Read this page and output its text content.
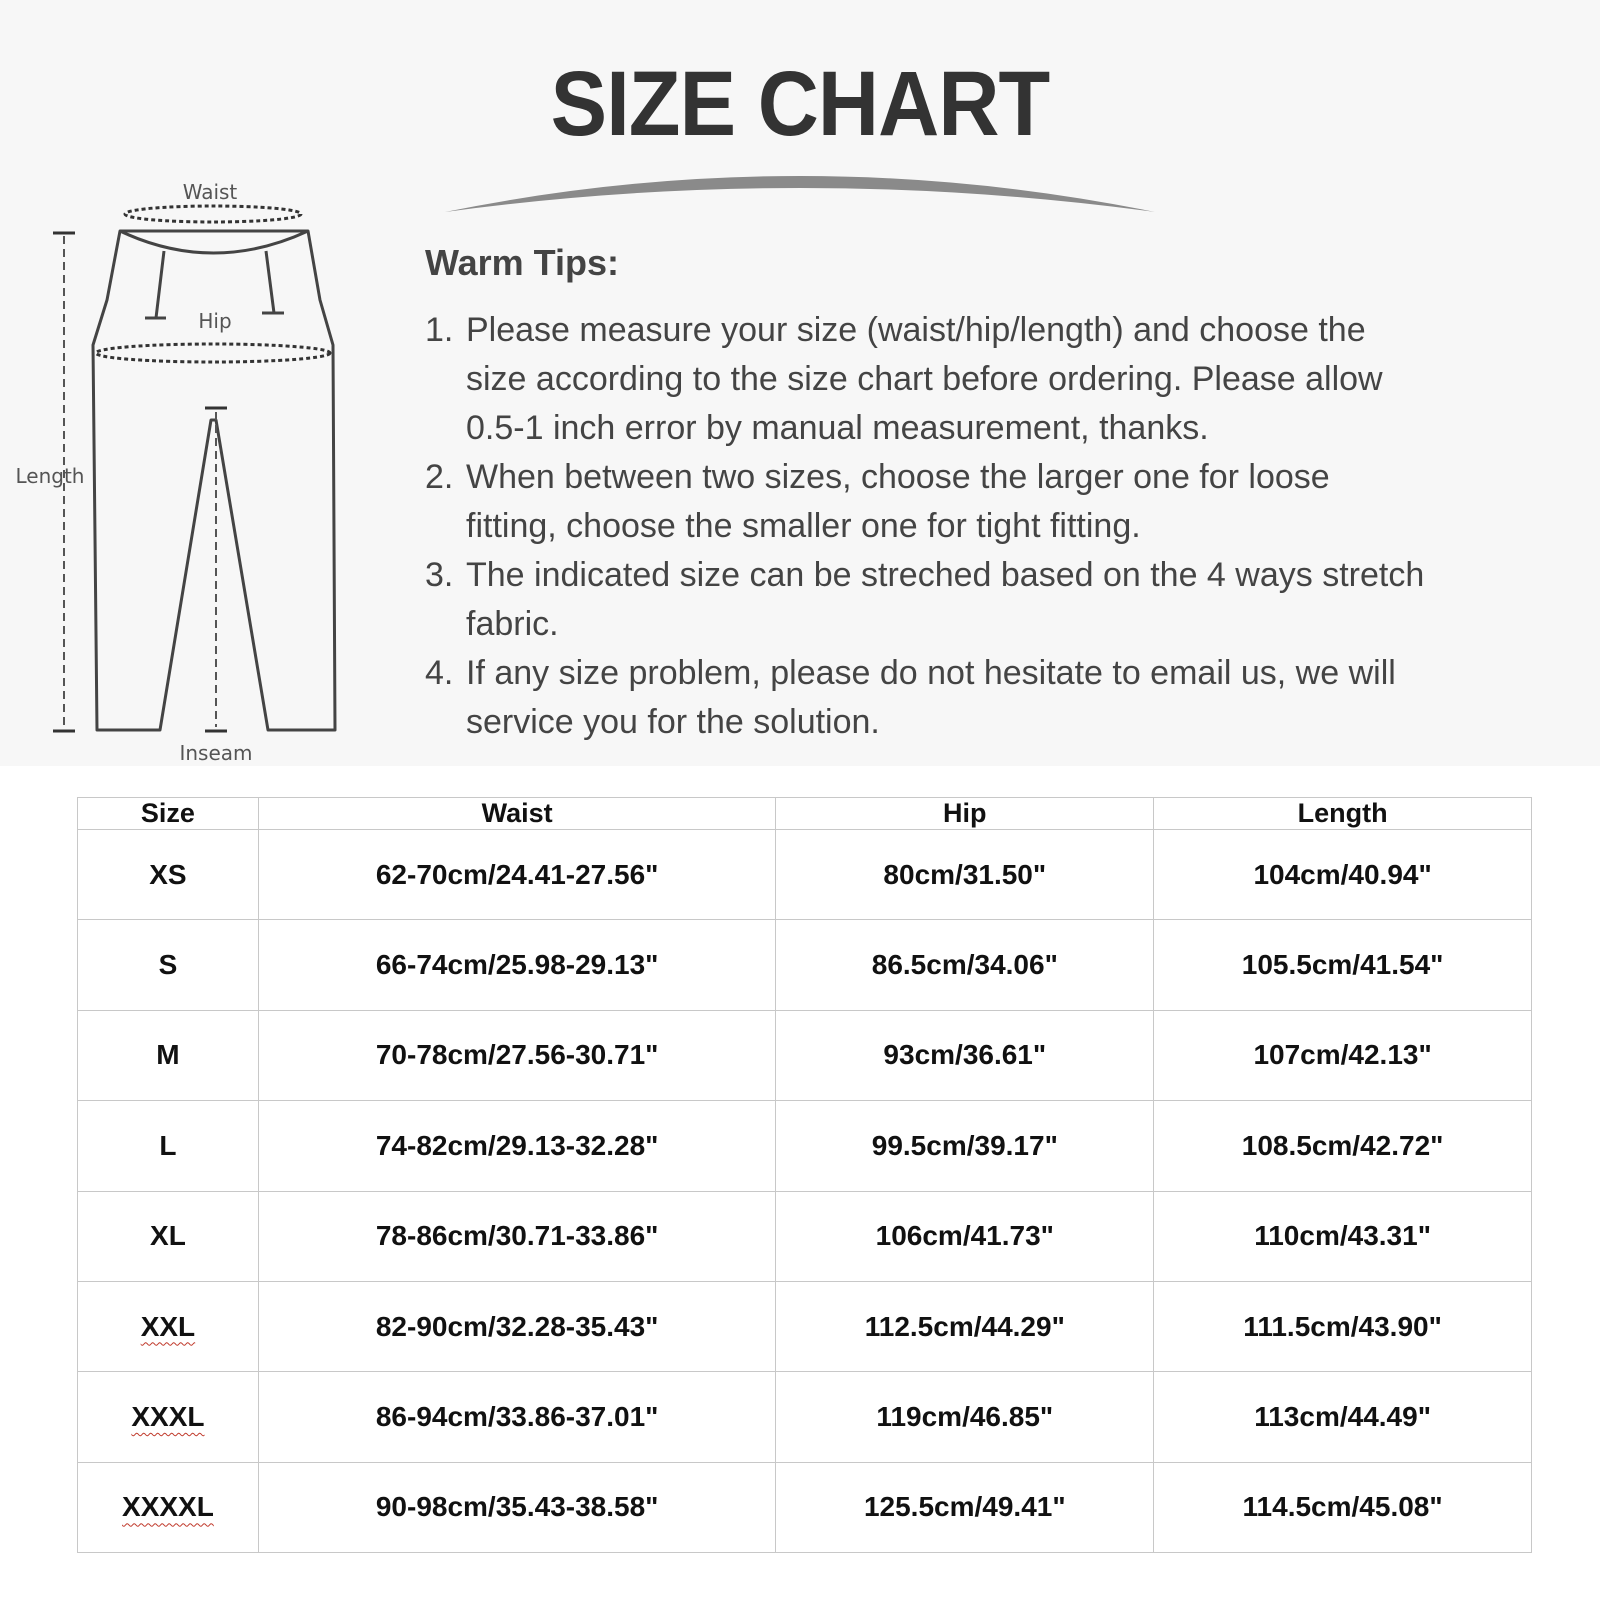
SIZE CHART
Waist
Hip
Length
Inseam
Warm Tips:
1. Please measure your size (waist/hip/length) and choose the
size according to the size chart before ordering. Please allow
0.5-1 inch error by manual measurement, thanks.
2. When between two sizes, choose the larger one for loose
fitting, choose the smaller one for tight fitting.
3. The indicated size can be streched based on the 4 ways stretch
fabric.
4. If any size problem, please do not hesitate to email us, we will
service you for the solution.
Size	Waist	Hip	Length
XS	62-70cm/24.41-27.56"	80cm/31.50"	104cm/40.94"
S	66-74cm/25.98-29.13"	86.5cm/34.06"	105.5cm/41.54"
M	70-78cm/27.56-30.71"	93cm/36.61"	107cm/42.13"
L	74-82cm/29.13-32.28"	99.5cm/39.17"	108.5cm/42.72"
XL	78-86cm/30.71-33.86"	106cm/41.73"	110cm/43.31"
XXL	82-90cm/32.28-35.43"	112.5cm/44.29"	111.5cm/43.90"
XXXL	86-94cm/33.86-37.01"	119cm/46.85"	113cm/44.49"
XXXXL	90-98cm/35.43-38.58"	125.5cm/49.41"	114.5cm/45.08"
